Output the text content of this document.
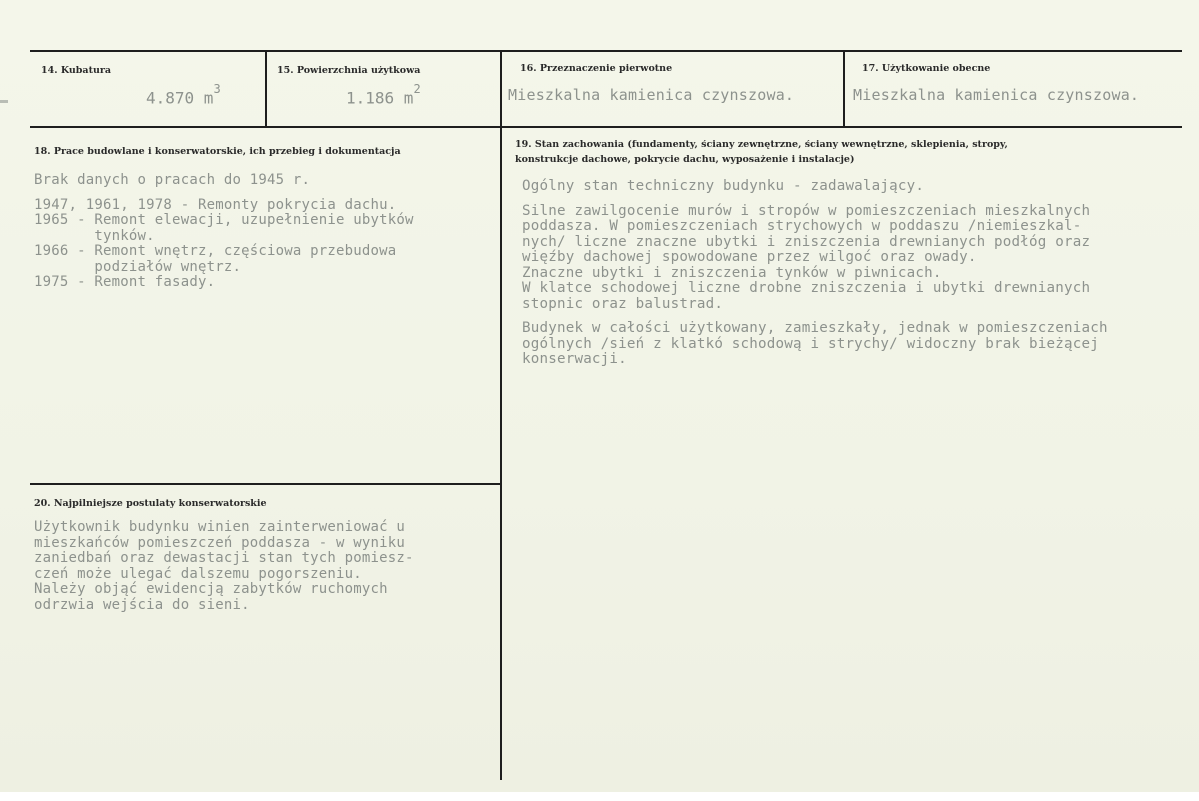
14. Kubatura
4.870 $m^3$
15. Powierzchnia użytkowa
1.186 $m^2$
16. Przeznaczenie pierwotne
Mieszkalna kamienica czynszowa.
17. Użytkowanie obecne
Mieszkalna kamienica czynszowa.
18. Prace budowlane i konserwatorskie, ich przebieg i dokumentacja
Brak danych o pracach do 1945 r.
1947, 1961, 1978 - Remonty pokrycia dachu.
1965 - Remont elewacji, uzupełnienie ubytków
tynków.
1966 - Remont wnętrz, częściowa przebudowa
podziałów wnętrz.
1975 - Remont fasady.
19. Stan zachowania (fundamenty, ściany zewnętrzne, ściany wewnętrzne, sklepienia, stropy,
konstrukcje dachowe, pokrycie dachu, wyposażenie i instalacje)
Ogólny stan techniczny budynku - zadawalający.
Silne zawilgocenie murów i stropów w pomieszczeniach mieszkalnych
poddasza. W pomieszczeniach strychowych w poddaszu /niemieszkal-
nych/ liczne znaczne ubytki i zniszczenia drewnianych podłóg oraz
więźby dachowej spowodowane przez wilgoć oraz owady.
Znaczne ubytki i zniszczenia tynków w piwnicach.
W klatce schodowej liczne drobne zniszczenia i ubytki drewnianych
stopnic oraz balustrad.
Budynek w całości użytkowany, zamieszkały, jednak w pomieszczeniach
ogólnych /sień z klatkó schodową i strychy/ widoczny brak bieżącej
konserwacji.
20. Najpilniejsze postulaty konserwatorskie
Użytkownik budynku winien zainterweniować u
mieszkańców pomieszczeń poddasza - w wyniku
zaniedbań oraz dewastacji stan tych pomiesz-
czeń może ulegać dalszemu pogorszeniu.
Należy objąć ewidencją zabytków ruchomych
odrzwia wejścia do sieni.
